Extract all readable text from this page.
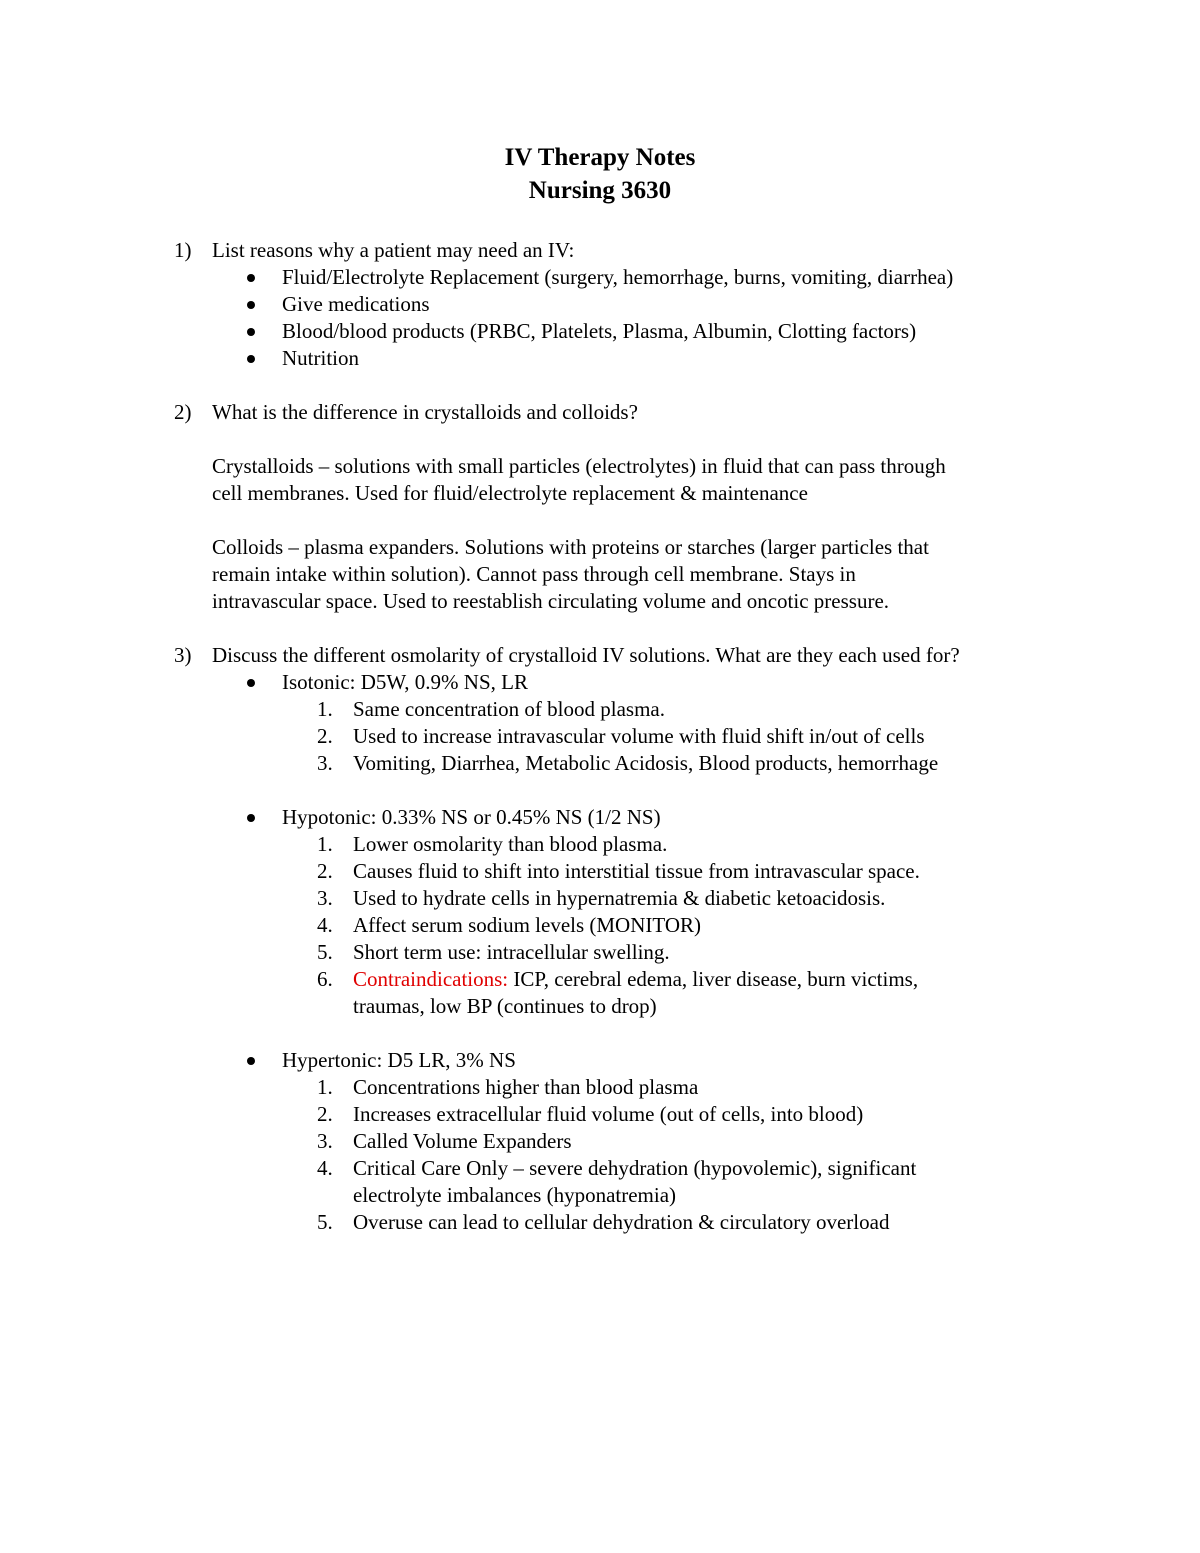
IV Therapy Notes
Nursing 3630
1) List reasons why a patient may need an IV:
Fluid/Electrolyte Replacement (surgery, hemorrhage, burns, vomiting, diarrhea)
Give medications
Blood/blood products (PRBC, Platelets, Plasma, Albumin, Clotting factors)
Nutrition
2) What is the difference in crystalloids and colloids?
Crystalloids – solutions with small particles (electrolytes) in fluid that can pass through
cell membranes. Used for fluid/electrolyte replacement & maintenance
Colloids – plasma expanders. Solutions with proteins or starches (larger particles that
remain intake within solution). Cannot pass through cell membrane. Stays in
intravascular space. Used to reestablish circulating volume and oncotic pressure.
3) Discuss the different osmolarity of crystalloid IV solutions. What are they each used for?
Isotonic: D5W, 0.9% NS, LR
1. Same concentration of blood plasma.
2. Used to increase intravascular volume with fluid shift in/out of cells
3. Vomiting, Diarrhea, Metabolic Acidosis, Blood products, hemorrhage
Hypotonic: 0.33% NS or 0.45% NS (1/2 NS)
1. Lower osmolarity than blood plasma.
2. Causes fluid to shift into interstitial tissue from intravascular space.
3. Used to hydrate cells in hypernatremia & diabetic ketoacidosis.
4. Affect serum sodium levels (MONITOR)
5. Short term use: intracellular swelling.
6. Contraindications: ICP, cerebral edema, liver disease, burn victims,
traumas, low BP (continues to drop)
Hypertonic: D5 LR, 3% NS
1. Concentrations higher than blood plasma
2. Increases extracellular fluid volume (out of cells, into blood)
3. Called Volume Expanders
4. Critical Care Only – severe dehydration (hypovolemic), significant
electrolyte imbalances (hyponatremia)
5. Overuse can lead to cellular dehydration & circulatory overload
